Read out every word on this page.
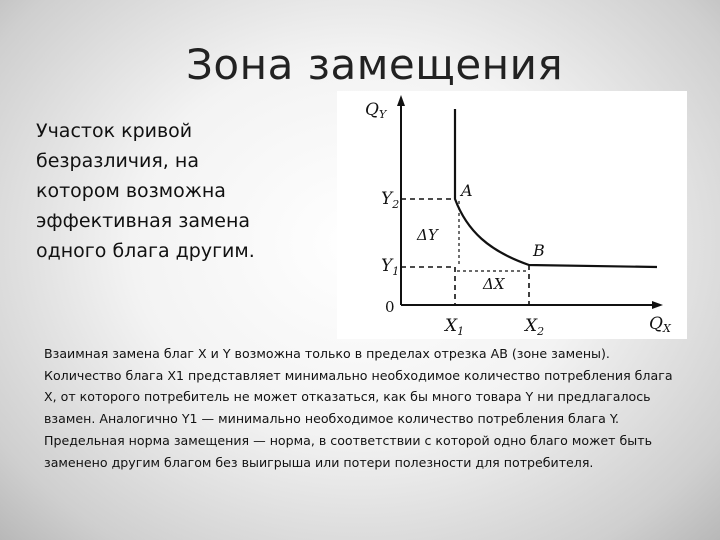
Зона замещения
Участок кривой безразличия, на котором возможна эффективная замена одного блага другим.
QY
QX
$Y_2$
$Y_1$
0
$X_1$	$X_2$
A
B
ΔY
ΔX

Взаимная замена благ X и Y возможна только в пределах отрезка АВ (зоне замены). Количество блага X1 представляет минимально необходимое количество потребления блага X, от которого потребитель не может отказаться, как бы много товара Y ни предлагалось взамен. Аналогично Y1 — минимально необходимое количество потребления блага Y. Предельная норма замещения — норма, в соответствии с которой одно благо может быть заменено другим благом без выигрыша или потери полезности для потребителя.
